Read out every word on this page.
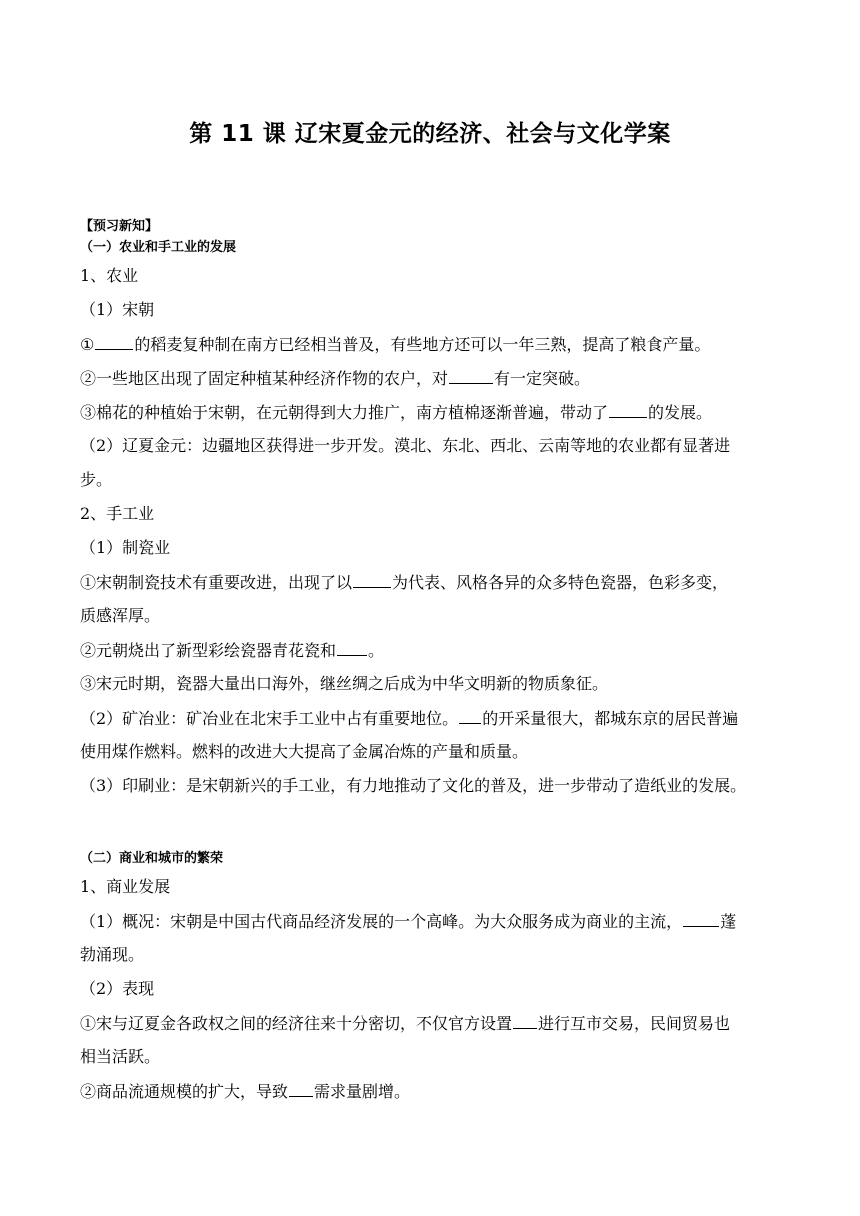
第 11 课 辽宋夏金元的经济、社会与文化学案
【预习新知】
（一）农业和手工业的发展
1、农业
（1）宋朝
①	的稻麦复种制在南方已经相当普及，有些地方还可以一年三熟，提高了粮食产量。
②一些地区出现了固定种植某种经济作物的农户，对	有一定突破。
③棉花的种植始于宋朝，在元朝得到大力推广，南方植棉逐渐普遍，带动了	的发展。
（2）辽夏金元：边疆地区获得进一步开发。漠北、东北、西北、云南等地的农业都有显著进
步。
2、手工业
（1）制瓷业
①宋朝制瓷技术有重要改进，出现了以	为代表、风格各异的众多特色瓷器，色彩多变，
质感浑厚。
②元朝烧出了新型彩绘瓷器青花瓷和 。
③宋元时期，瓷器大量出口海外，继丝绸之后成为中华文明新的物质象征。
（2）矿冶业：矿冶业在北宋手工业中占有重要地位。 的开采量很大，都城东京的居民普遍
使用煤作燃料。燃料的改进大大提高了金属冶炼的产量和质量。
（3）印刷业：是宋朝新兴的手工业，有力地推动了文化的普及，进一步带动了造纸业的发展。
（二）商业和城市的繁荣
1、商业发展
（1）概况：宋朝是中国古代商品经济发展的一个高峰。为大众服务成为商业的主流， 蓬
勃涌现。
（2）表现
①宋与辽夏金各政权之间的经济往来十分密切，不仅官方设置 进行互市交易，民间贸易也
相当活跃。
②商品流通规模的扩大，导致 需求量剧增。
